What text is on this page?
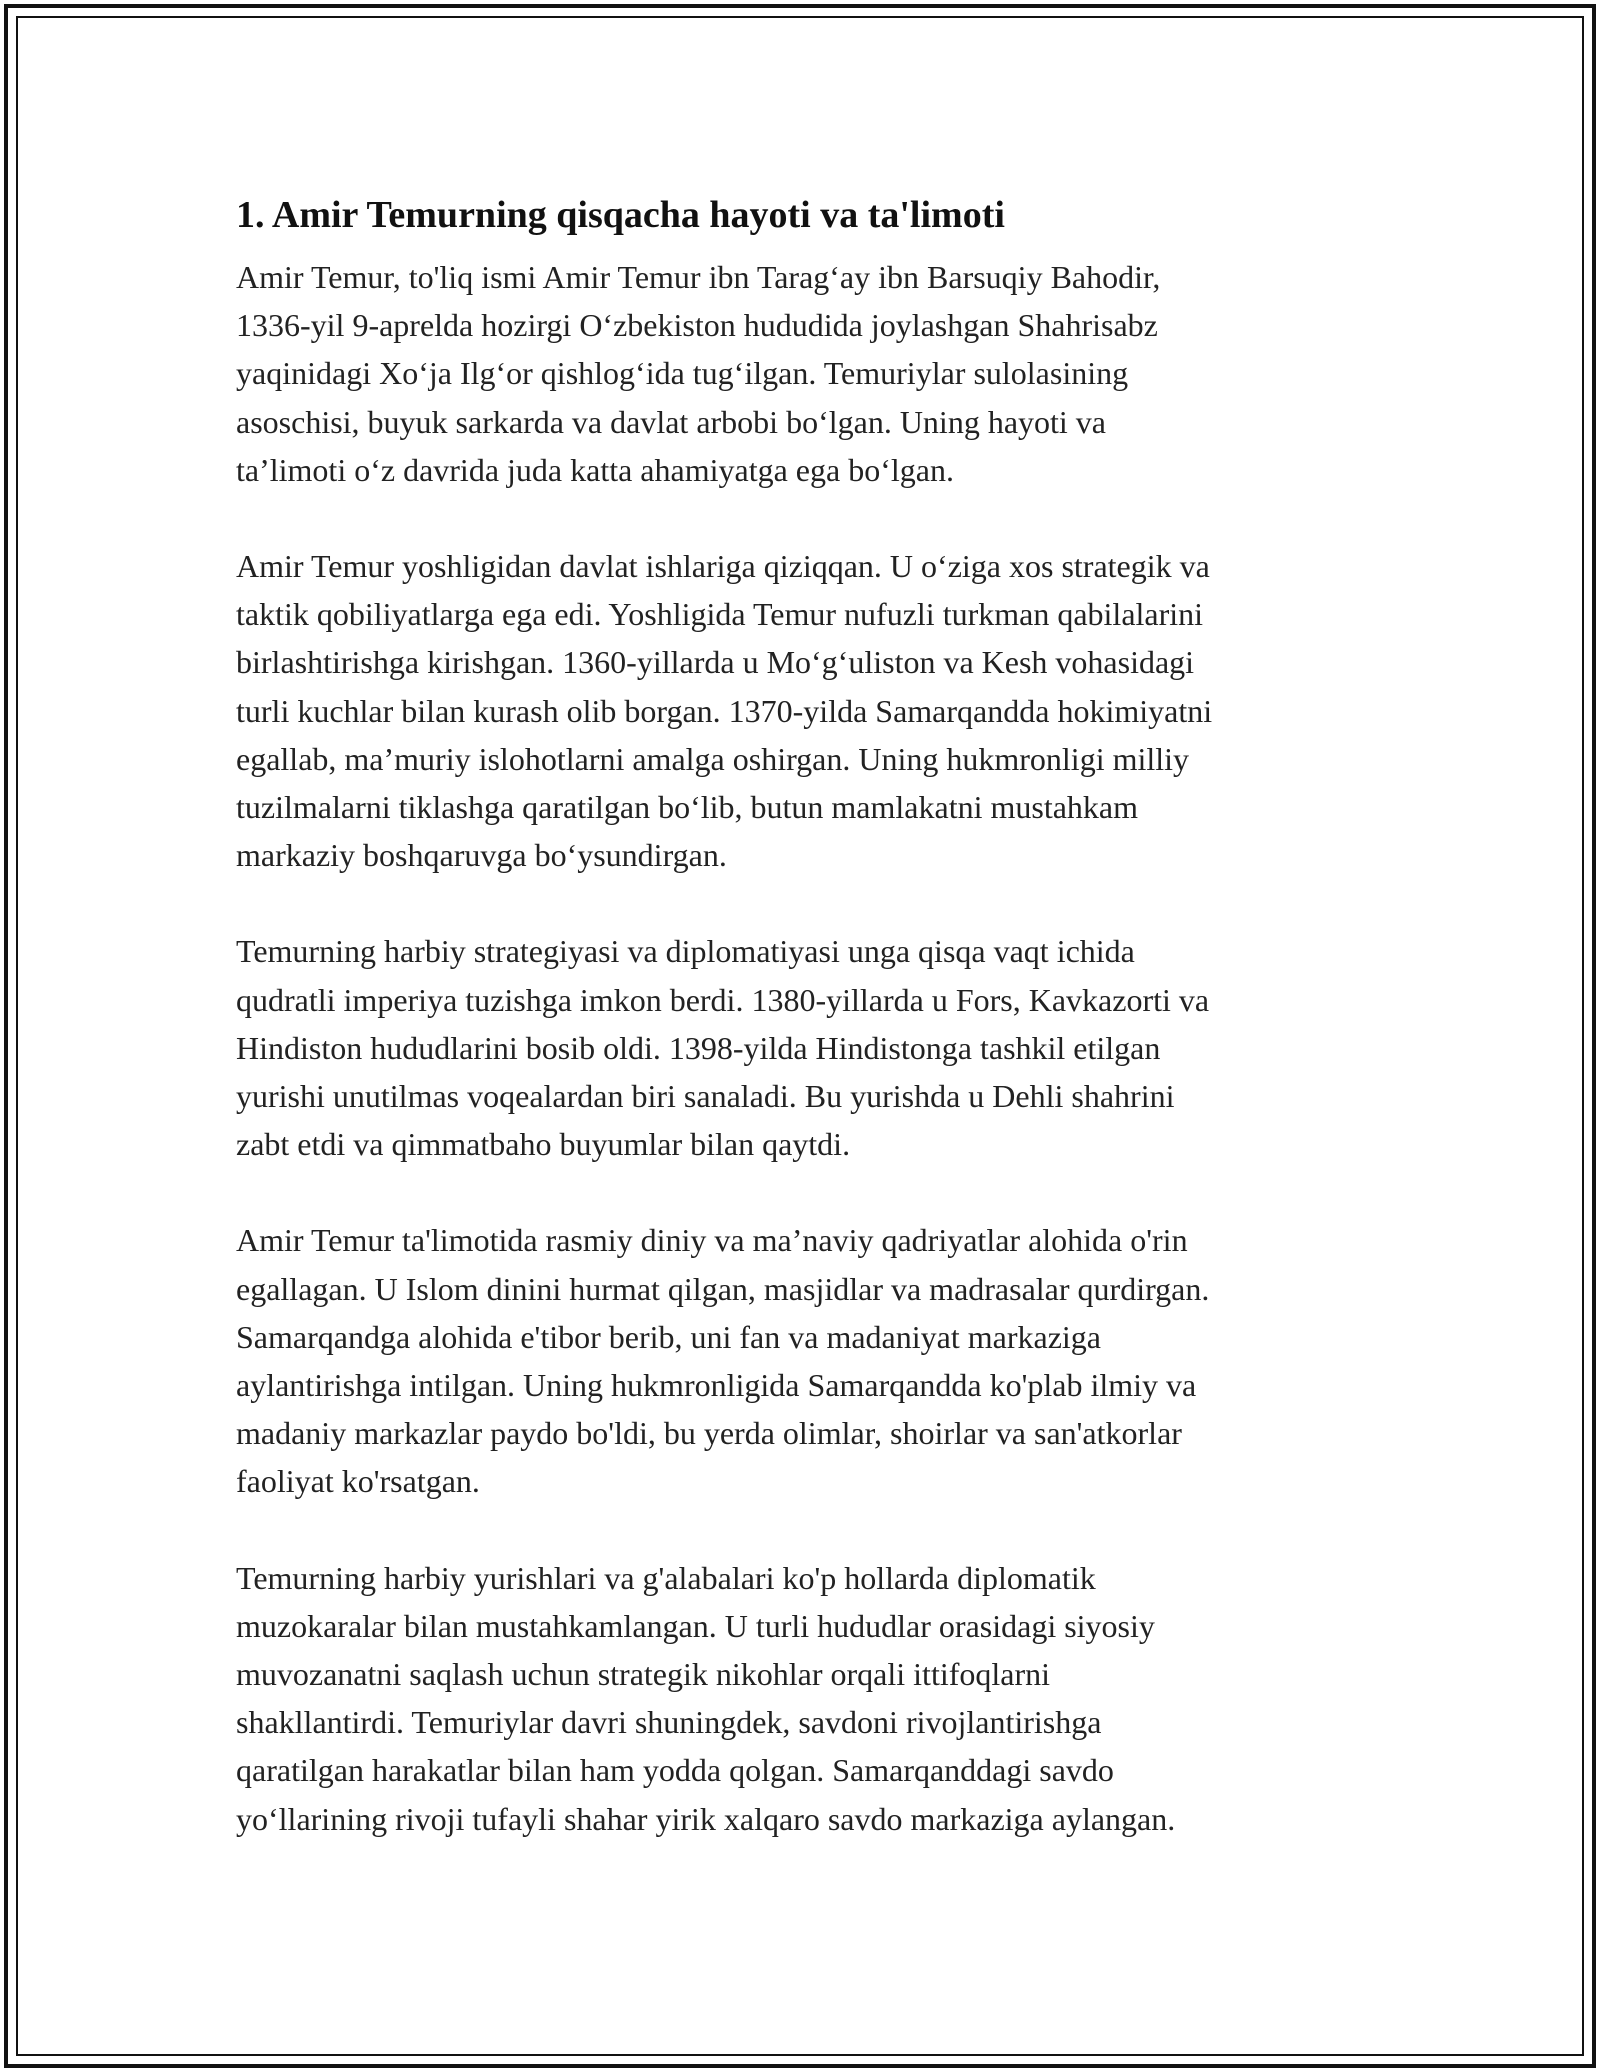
1. Amir Temurning qisqacha hayoti va ta'limoti

Amir Temur, to'liq ismi Amir Temur ibn Taragʻay ibn Barsuqiy Bahodir,
1336-yil 9-aprelda hozirgi Oʻzbekiston hududida joylashgan Shahrisabz
yaqinidagi Xoʻja Ilgʻor qishlogʻida tugʻilgan. Temuriylar sulolasining
asoschisi, buyuk sarkarda va davlat arbobi boʻlgan. Uning hayoti va
ta’limoti oʻz davrida juda katta ahamiyatga ega boʻlgan.

Amir Temur yoshligidan davlat ishlariga qiziqqan. U oʻziga xos strategik va
taktik qobiliyatlarga ega edi. Yoshligida Temur nufuzli turkman qabilalarini
birlashtirishga kirishgan. 1360-yillarda u Moʻgʻuliston va Kesh vohasidagi
turli kuchlar bilan kurash olib borgan. 1370-yilda Samarqandda hokimiyatni
egallab, ma’muriy islohotlarni amalga oshirgan. Uning hukmronligi milliy
tuzilmalarni tiklashga qaratilgan boʻlib, butun mamlakatni mustahkam
markaziy boshqaruvga boʻysundirgan.

Temurning harbiy strategiyasi va diplomatiyasi unga qisqa vaqt ichida
qudratli imperiya tuzishga imkon berdi. 1380-yillarda u Fors, Kavkazorti va
Hindiston hududlarini bosib oldi. 1398-yilda Hindistonga tashkil etilgan
yurishi unutilmas voqealardan biri sanaladi. Bu yurishda u Dehli shahrini
zabt etdi va qimmatbaho buyumlar bilan qaytdi.

Amir Temur ta'limotida rasmiy diniy va ma’naviy qadriyatlar alohida o'rin
egallagan. U Islom dinini hurmat qilgan, masjidlar va madrasalar qurdirgan.
Samarqandga alohida e'tibor berib, uni fan va madaniyat markaziga
aylantirishga intilgan. Uning hukmronligida Samarqandda ko'plab ilmiy va
madaniy markazlar paydo bo'ldi, bu yerda olimlar, shoirlar va san'atkorlar
faoliyat ko'rsatgan.

Temurning harbiy yurishlari va g'alabalari ko'p hollarda diplomatik
muzokaralar bilan mustahkamlangan. U turli hududlar orasidagi siyosiy
muvozanatni saqlash uchun strategik nikohlar orqali ittifoqlarni
shakllantirdi. Temuriylar davri shuningdek, savdoni rivojlantirishga
qaratilgan harakatlar bilan ham yodda qolgan. Samarqanddagi savdo
yoʻllarining rivoji tufayli shahar yirik xalqaro savdo markaziga aylangan.
